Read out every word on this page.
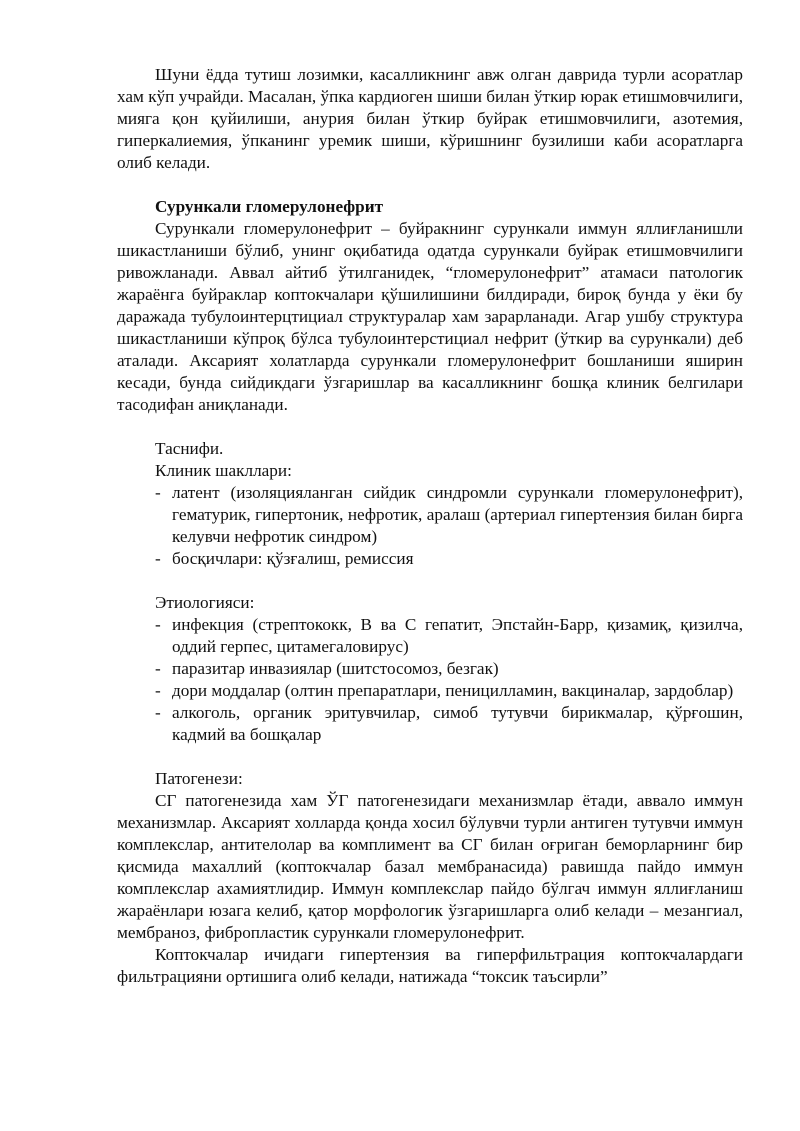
Шуни ёдда тутиш лозимки, касалликнинг авж олган даврида турли асоратлар хам кўп учрайди. Масалан, ўпка кардиоген шиши билан ўткир юрак етишмовчилиги, мияга қон қуйилиши, анурия билан ўткир буйрак етишмовчилиги, азотемия, гиперкалиемия, ўпканинг уремик шиши, кўришнинг бузилиши каби асоратларга олиб келади.

Сурункали гломерулонефрит

Сурункали гломерулонефрит – буйракнинг сурункали иммун яллиғланишли шикастланиши бўлиб, унинг оқибатида одатда сурункали буйрак етишмовчилиги ривожланади. Аввал айтиб ўтилганидек, “гломерулонефрит” атамаси патологик жараёнга буйраклар коптокчалари қўшилишини билдиради, бироқ бунда у ёки бу даражада тубулоинтерцтициал структуралар хам зарарланади. Агар ушбу структура шикастланиши кўпроқ бўлса тубулоинтерстициал нефрит (ўткир ва сурункали) деб аталади. Аксарият холатларда сурункали гломерулонефрит бошланиши яширин кесади, бунда сийдикдаги ўзгаришлар ва касалликнинг бошқа клиник белгилари тасодифан аниқланади.

Таснифи.

Клиник шакллари:

- латент (изоляцияланган сийдик синдромли сурункали гломерулонефрит), гематурик, гипертоник, нефротик, аралаш (артериал гипертензия билан бирга келувчи нефротик синдром)
- босқичлари: қўзғалиш, ремиссия

Этиологияси:

- инфекция (стрептококк, В ва С гепатит, Эпстайн-Барр, қизамиқ, қизилча, оддий герпес, цитамегаловирус)
- паразитар инвазиялар (шитстосомоз, безгак)
- дори моддалар (олтин препаратлари, пеницилламин, вакциналар, зардоблар)
- алкоголь, органик эритувчилар, симоб тутувчи бирикмалар, қўрғошин, кадмий ва бошқалар

Патогенези:

СГ патогенезида хам ЎГ патогенезидаги механизмлар ётади, аввало иммун механизмлар. Аксарият холларда қонда хосил бўлувчи турли антиген тутувчи иммун комплекслар, антителолар ва комплимент ва СГ билан оғриган беморларнинг бир қисмида махаллий (коптокчалар базал мембранасида) равишда пайдо иммун комплекслар ахамиятлидир. Иммун комплекслар пайдо бўлгач иммун яллиғланиш жараёнлари юзага келиб, қатор морфологик ўзгаришларга олиб келади – мезангиал, мембраноз, фибропластик сурункали гломерулонефрит.

Коптокчалар ичидаги гипертензия ва гиперфильтрация коптокчалардаги фильтрацияни ортишига олиб келади, натижада “токсик таъсирли”
